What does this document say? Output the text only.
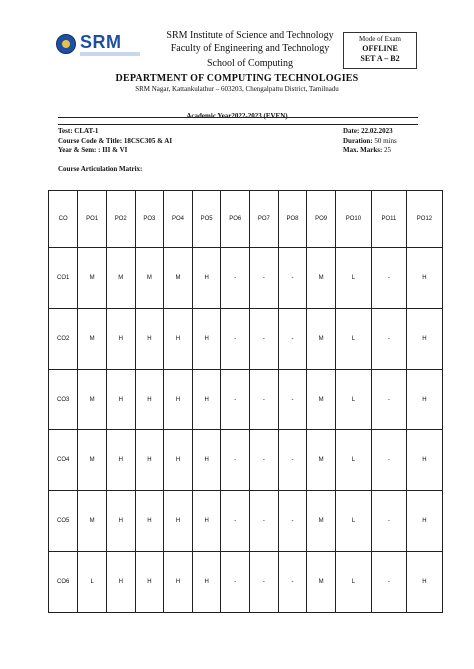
SRM	SRM Institute of Science and Technology
Faculty of Engineering and Technology
School of Computing
Mode of Exam
OFFLINE
SET A – B2
DEPARTMENT OF COMPUTING TECHNOLOGIES
SRM Nagar, Kattankulathur – 603203, Chengalpattu District, Tamilnadu
Academic Year2022-2023 (EVEN)
Test: CLAT-1
Course Code & Title: 18CSC305 & AI
Year & Sem: : III & VI
Date: 22.02.2023
Duration: 50 mins
Max. Marks: 25
Course Articulation Matrix:
CO	PO1	PO2	PO3	PO4	PO5	PO6	PO7	PO8	PO9	PO10	PO11	PO12
CO1	M	M	M	M	H	-	-	-	M	L	-	H
CO2	M	H	H	H	H	-	-	-	M	L	-	H
CO3	M	H	H	H	H	-	-	-	M	L	-	H
CO4	M	H	H	H	H	-	-	-	M	L	-	H
CO5	M	H	H	H	H	-	-	-	M	L	-	H
CO6	L	H	H	H	H	-	-	-	M	L	-	H
